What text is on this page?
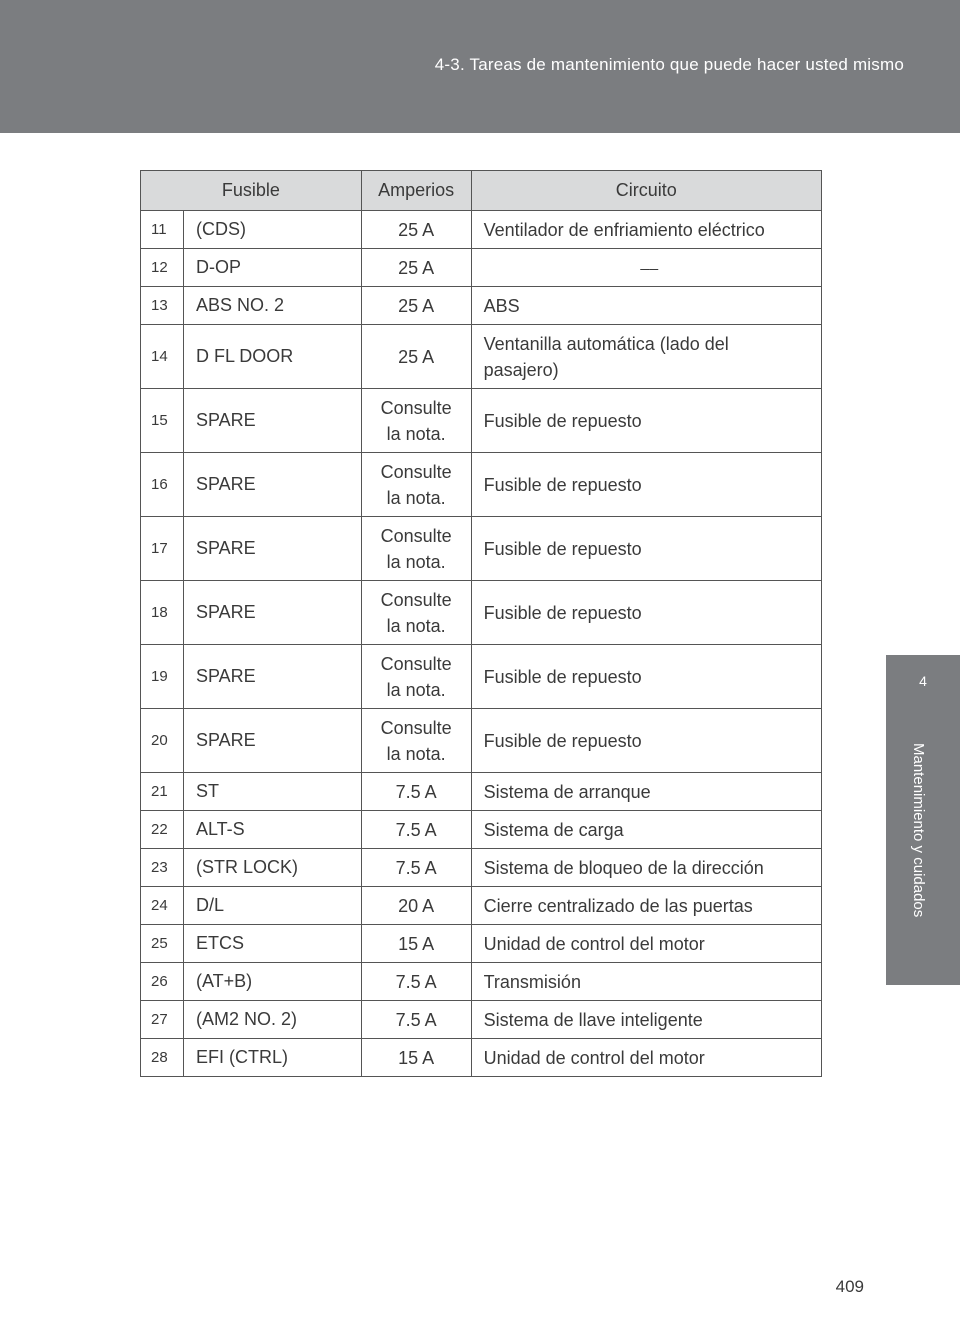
4-3. Tareas de mantenimiento que puede hacer usted mismo
4
Mantenimiento y cuidados
Fusible		Amperios	Circuito
11	(CDS)	25 A	Ventilador de enfriamiento eléctrico

12	D-OP	25 A	⎯⎯

13	ABS NO. 2	25 A	ABS

14	D FL DOOR	25 A	Ventanilla automática (lado del
pasajero)

15	SPARE	Consulte
la nota.	Fusible de repuesto

16	SPARE	Consulte
la nota.	Fusible de repuesto

17	SPARE	Consulte
la nota.	Fusible de repuesto

18	SPARE	Consulte
la nota.	Fusible de repuesto

19	SPARE	Consulte
la nota.	Fusible de repuesto

20	SPARE	Consulte
la nota.	Fusible de repuesto

21	ST	7.5 A	Sistema de arranque

22	ALT-S	7.5 A	Sistema de carga

23	(STR LOCK)	7.5 A	Sistema de bloqueo de la dirección

24	D/L	20 A	Cierre centralizado de las puertas

25	ETCS	15 A	Unidad de control del motor

26	(AT+B)	7.5 A	Transmisión

27	(AM2 NO. 2)	7.5 A	Sistema de llave inteligente

28	EFI (CTRL)	15 A	Unidad de control del motor
409
